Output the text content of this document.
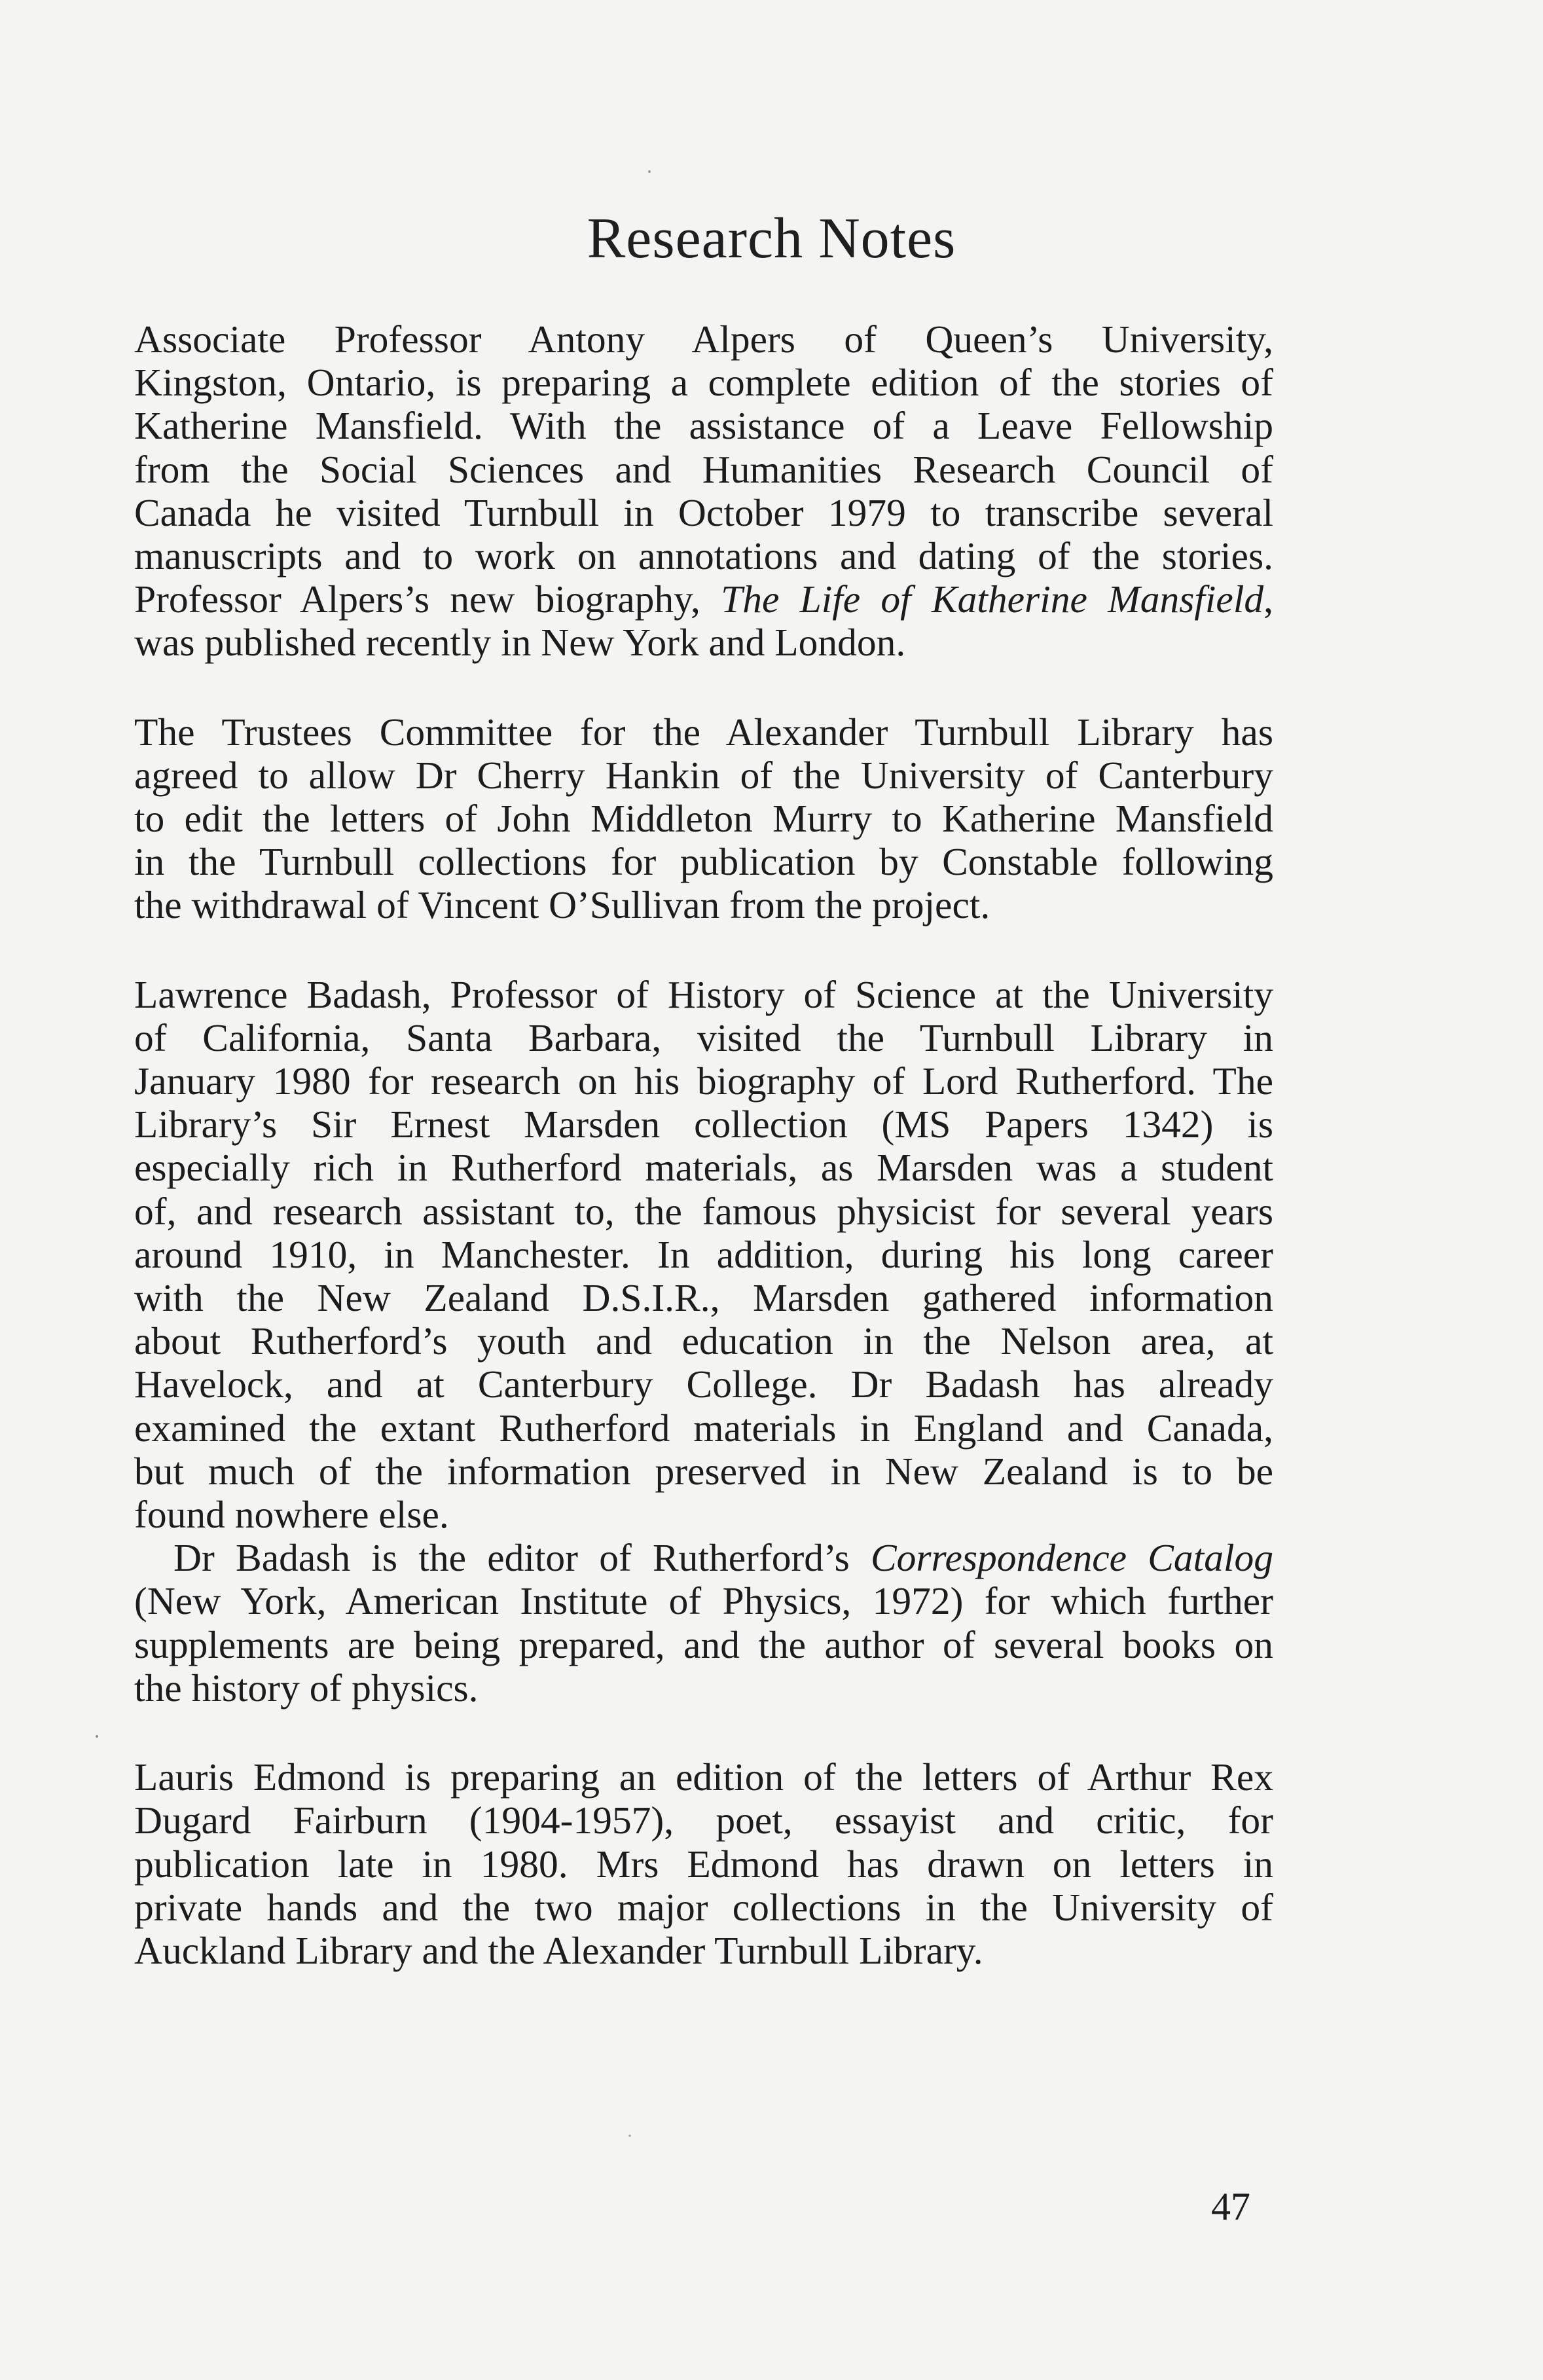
Research Notes

Associate Professor Antony Alpers of Queen’s University,
Kingston, Ontario, is preparing a complete edition of the stories of
Katherine Mansfield. With the assistance of a Leave Fellowship
from the Social Sciences and Humanities Research Council of
Canada he visited Turnbull in October 1979 to transcribe several
manuscripts and to work on annotations and dating of the stories.
Professor Alpers’s new biography, The Life of Katherine Mansfield,
was published recently in New York and London.

The Trustees Committee for the Alexander Turnbull Library has
agreed to allow Dr Cherry Hankin of the University of Canterbury
to edit the letters of John Middleton Murry to Katherine Mansfield
in the Turnbull collections for publication by Constable following
the withdrawal of Vincent O’Sullivan from the project.

Lawrence Badash, Professor of History of Science at the University
of California, Santa Barbara, visited the Turnbull Library in
January 1980 for research on his biography of Lord Rutherford. The
Library’s Sir Ernest Marsden collection (MS Papers 1342) is
especially rich in Rutherford materials, as Marsden was a student
of, and research assistant to, the famous physicist for several years
around 1910, in Manchester. In addition, during his long career
with the New Zealand D.S.I.R., Marsden gathered information
about Rutherford’s youth and education in the Nelson area, at
Havelock, and at Canterbury College. Dr Badash has already
examined the extant Rutherford materials in England and Canada,
but much of the information preserved in New Zealand is to be
found nowhere else.

Dr Badash is the editor of Rutherford’s Correspondence Catalog
(New York, American Institute of Physics, 1972) for which further
supplements are being prepared, and the author of several books on
the history of physics.

Lauris Edmond is preparing an edition of the letters of Arthur Rex
Dugard Fairburn (1904-1957), poet, essayist and critic, for
publication late in 1980. Mrs Edmond has drawn on letters in
private hands and the two major collections in the University of
Auckland Library and the Alexander Turnbull Library.

47
